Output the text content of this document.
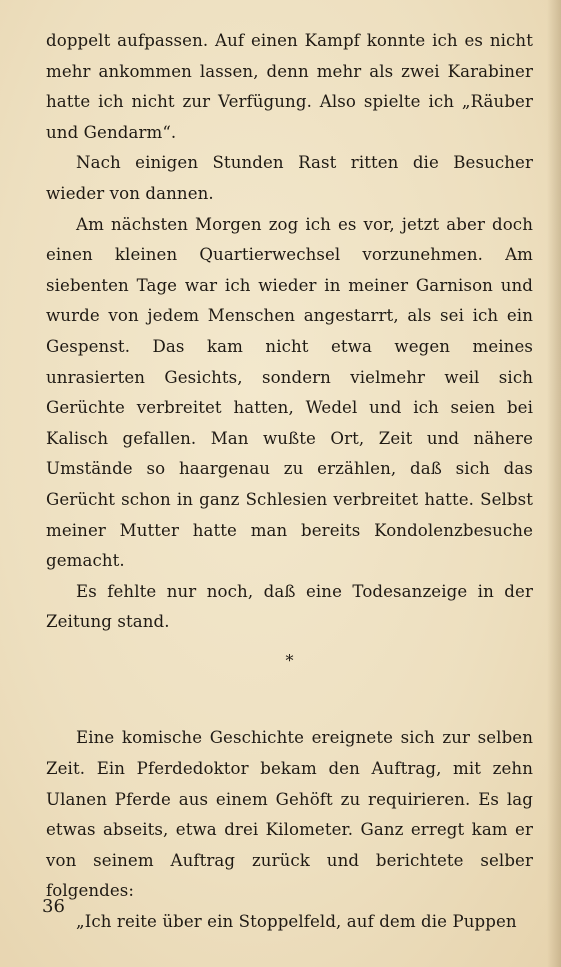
doppelt aufpassen. Auf einen Kampf konnte ich es nicht mehr ankommen lassen, denn mehr als zwei Karabiner hatte ich nicht zur Verfügung. Also spielte ich „Räuber und Gendarm“.

Nach einigen Stunden Rast ritten die Besucher wieder von dannen.

Am nächsten Morgen zog ich es vor, jetzt aber doch einen kleinen Quartierwechsel vorzunehmen. Am siebenten Tage war ich wieder in meiner Garnison und wurde von jedem Menschen angestarrt, als sei ich ein Gespenst. Das kam nicht etwa wegen meines unrasierten Gesichts, sondern vielmehr weil sich Gerüchte verbreitet hatten, Wedel und ich seien bei Kalisch gefallen. Man wußte Ort, Zeit und nähere Umstände so haargenau zu erzählen, daß sich das Gerücht schon in ganz Schlesien verbreitet hatte. Selbst meiner Mutter hatte man bereits Kondolenzbesuche gemacht.

Es fehlte nur noch, daß eine Todesanzeige in der Zeitung stand.

*

Eine komische Geschichte ereignete sich zur selben Zeit. Ein Pferdedoktor bekam den Auftrag, mit zehn Ulanen Pferde aus einem Gehöft zu requirieren. Es lag etwas abseits, etwa drei Kilometer. Ganz erregt kam er von seinem Auftrag zurück und berichtete selber folgendes:

„Ich reite über ein Stoppelfeld, auf dem die Puppen

36
